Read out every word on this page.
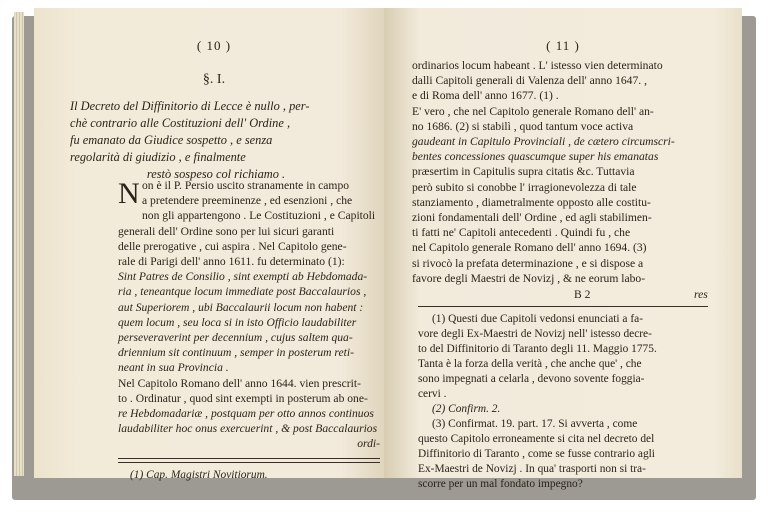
( 10 )
§. I.
Il Decreto del Diffinitorio di Lecce è nullo , per-
chè contrario alle Costituzioni dell' Ordine ,
fu emanato da Giudice sospetto , e senza
regolarità di giudizio , e finalmente
restò sospeso col richiamo .
N on è il P. Persio uscito stranamente in campo
a pretendere preeminenze , ed esenzioni , che
non gli appartengono . Le Costituzioni , e Capitoli
generali dell' Ordine sono per lui sicuri garanti
delle prerogative , cui aspira . Nel Capitolo gene-
rale di Parigi dell' anno 1611. fu determinato (1):
Sint Patres de Consilio , sint exempti ab Hebdomada-
ria , teneantque locum immediate post Baccalaurios ,
aut Superiorem , ubi Baccalaurii locum non habent :
quem locum , seu loca si in isto Officio laudabiliter
perseveraverint per decennium , cujus saltem qua-
driennium sit continuum , semper in posterum reti-
neant in sua Provincia .
Nel Capitolo Romano dell' anno 1644. vien prescrit-
to . Ordinatur , quod sint exempti in posterum ab one-
re Hebdomadariæ , postquam per otto annos continuos
laudabiliter hoc onus exercuerint , & post Baccalaurios
ordi-
(1) Cap. Magistri Novitiorum.
( 11 )
ordinarios locum habeant . L' istesso vien determinato
dalli Capitoli generali di Valenza dell' anno 1647. ,
e di Roma dell' anno 1677. (1) .
E' vero , che nel Capitolo generale Romano dell' an-
no 1686. (2) si stabilì , quod tantum voce activa
gaudeant in Capitulo Provinciali , de cætero circumscri-
bentes concessiones quascumque super his emanatas
præsertim in Capitulis supra citatis &c. Tuttavia
però subito si conobbe l' irragionevolezza di tale
stanziamento , diametralmente opposto alle costitu-
zioni fondamentali dell' Ordine , ed agli stabilimen-
ti fatti ne' Capitoli antecedenti . Quindi fu , che
nel Capitolo generale Romano dell' anno 1694. (3)
si rivocò la prefata determinazione , e si dispose a
favore degli Maestri de Novizj , & ne eorum labo-
B 2	res
(1) Questi due Capitoli vedonsi enunciati a fa-
vore degli Ex-Maestri de Novizj nell' istesso decre-
to del Diffinitorio di Taranto degli 11. Maggio 1775.
Tanta è la forza della verità , che anche que' , che
sono impegnati a celarla , devono sovente foggia-
cervi .
(2) Confirm. 2.
(3) Confirmat. 19. part. 17. Si avverta , come
questo Capitolo erroneamente si cita nel decreto del
Diffinitorio di Taranto , come se fusse contrario agli
Ex-Maestri de Novizj . In qua' trasporti non si tra-
scorre per un mal fondato impegno?
